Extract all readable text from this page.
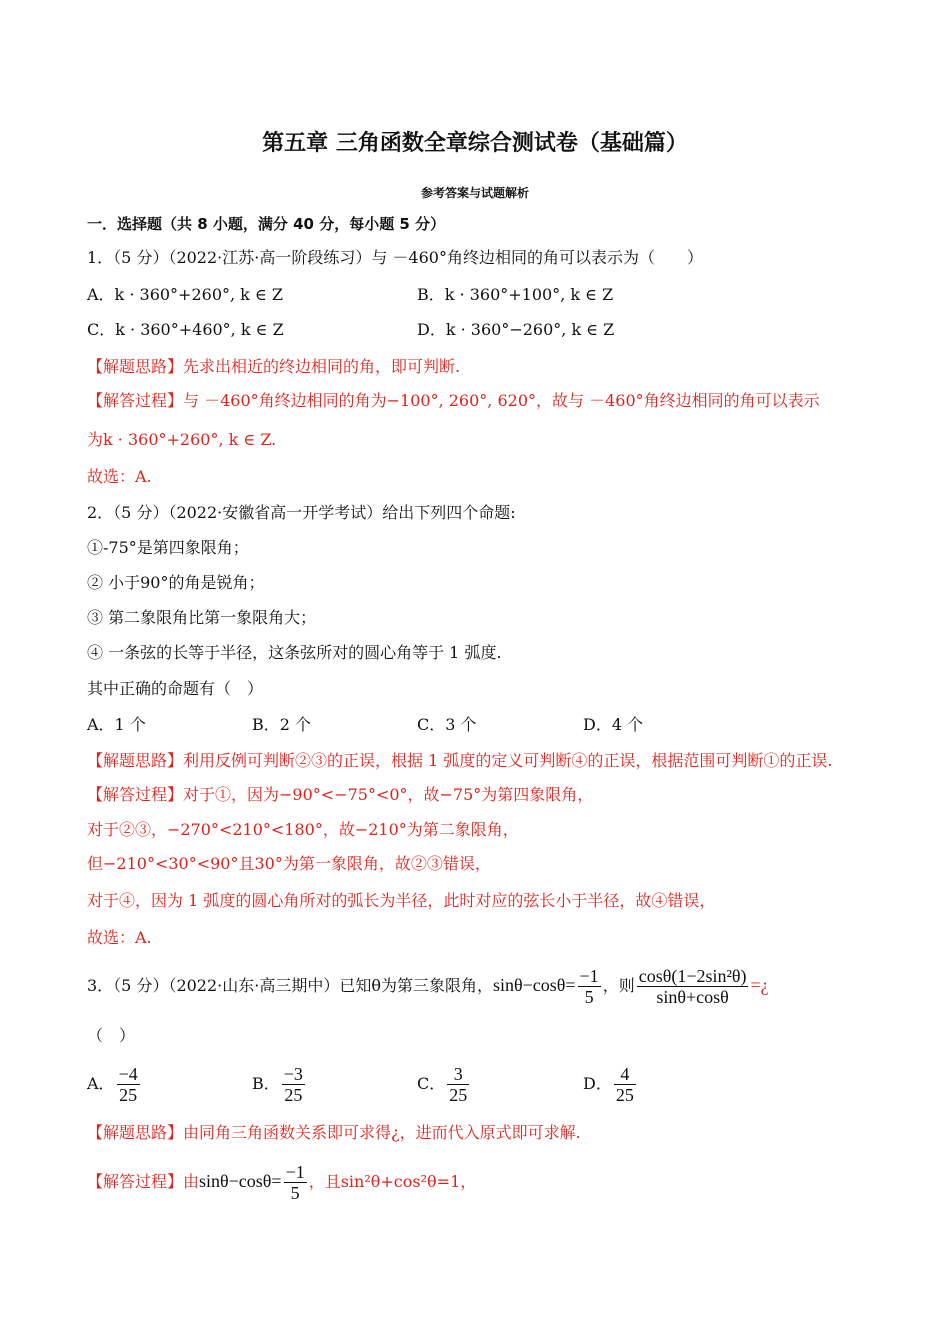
第五章 三角函数全章综合测试卷（基础篇）
参考答案与试题解析
一．选择题（共 8 小题，满分 40 分，每小题 5 分）
1．（5 分）（2022·江苏·高一阶段练习）与 －460°角终边相同的角可以表示为（　　）
A．k · 360°+260°, k ∈ Z	B．k · 360°+100°, k ∈ Z
C．k · 360°+460°, k ∈ Z	D．k · 360°−260°, k ∈ Z
【解题思路】先求出相近的终边相同的角，即可判断.
【解答过程】与 －460°角终边相同的角为−100°, 260°, 620°，故与 －460°角终边相同的角可以表示
为k · 360°+260°, k ∈ Z.
故选：A.
2．（5 分）（2022·安徽省高一开学考试）给出下列四个命题:
①-75°是第四象限角；
② 小于90°的角是锐角；
③ 第二象限角比第一象限角大；
④ 一条弦的长等于半径，这条弦所对的圆心角等于 1 弧度.
其中正确的命题有（　）
A．1 个	B．2 个	C．3 个	D．4 个
【解题思路】利用反例可判断②③的正误，根据 1 弧度的定义可判断④的正误，根据范围可判断①的正误.
【解答过程】对于①，因为−90°<−75°<0°，故−75°为第四象限角，
对于②③，−270°<210°<180°，故−210°为第二象限角，
但−210°<30°<90°且30°为第一象限角，故②③错误，
对于④，因为 1 弧度的圆心角所对的弧长为半径，此时对应的弦长小于半径，故④错误，
故选：A.
3．（5 分）（2022·山东·高三期中）已知θ为第三象限角，$\sin\theta-\cos\theta= \frac{-1}{5}$ ，则 $\frac{\text{cosθ(1−2sin²θ)}}{\sin\theta+\cos\theta}$ =¿
（　）
A． $\frac{-4}{25}$	B． $\frac{-3}{25}$	C． $\frac{3}{25}$	D． $\frac{4}{25}$
【解题思路】由同角三角函数关系即可求得¿，进而代入原式即可求解.
【解答过程】由$\sin\theta-\cos\theta= \frac{-1}{5}$ ，且sin²θ+cos²θ=1，
